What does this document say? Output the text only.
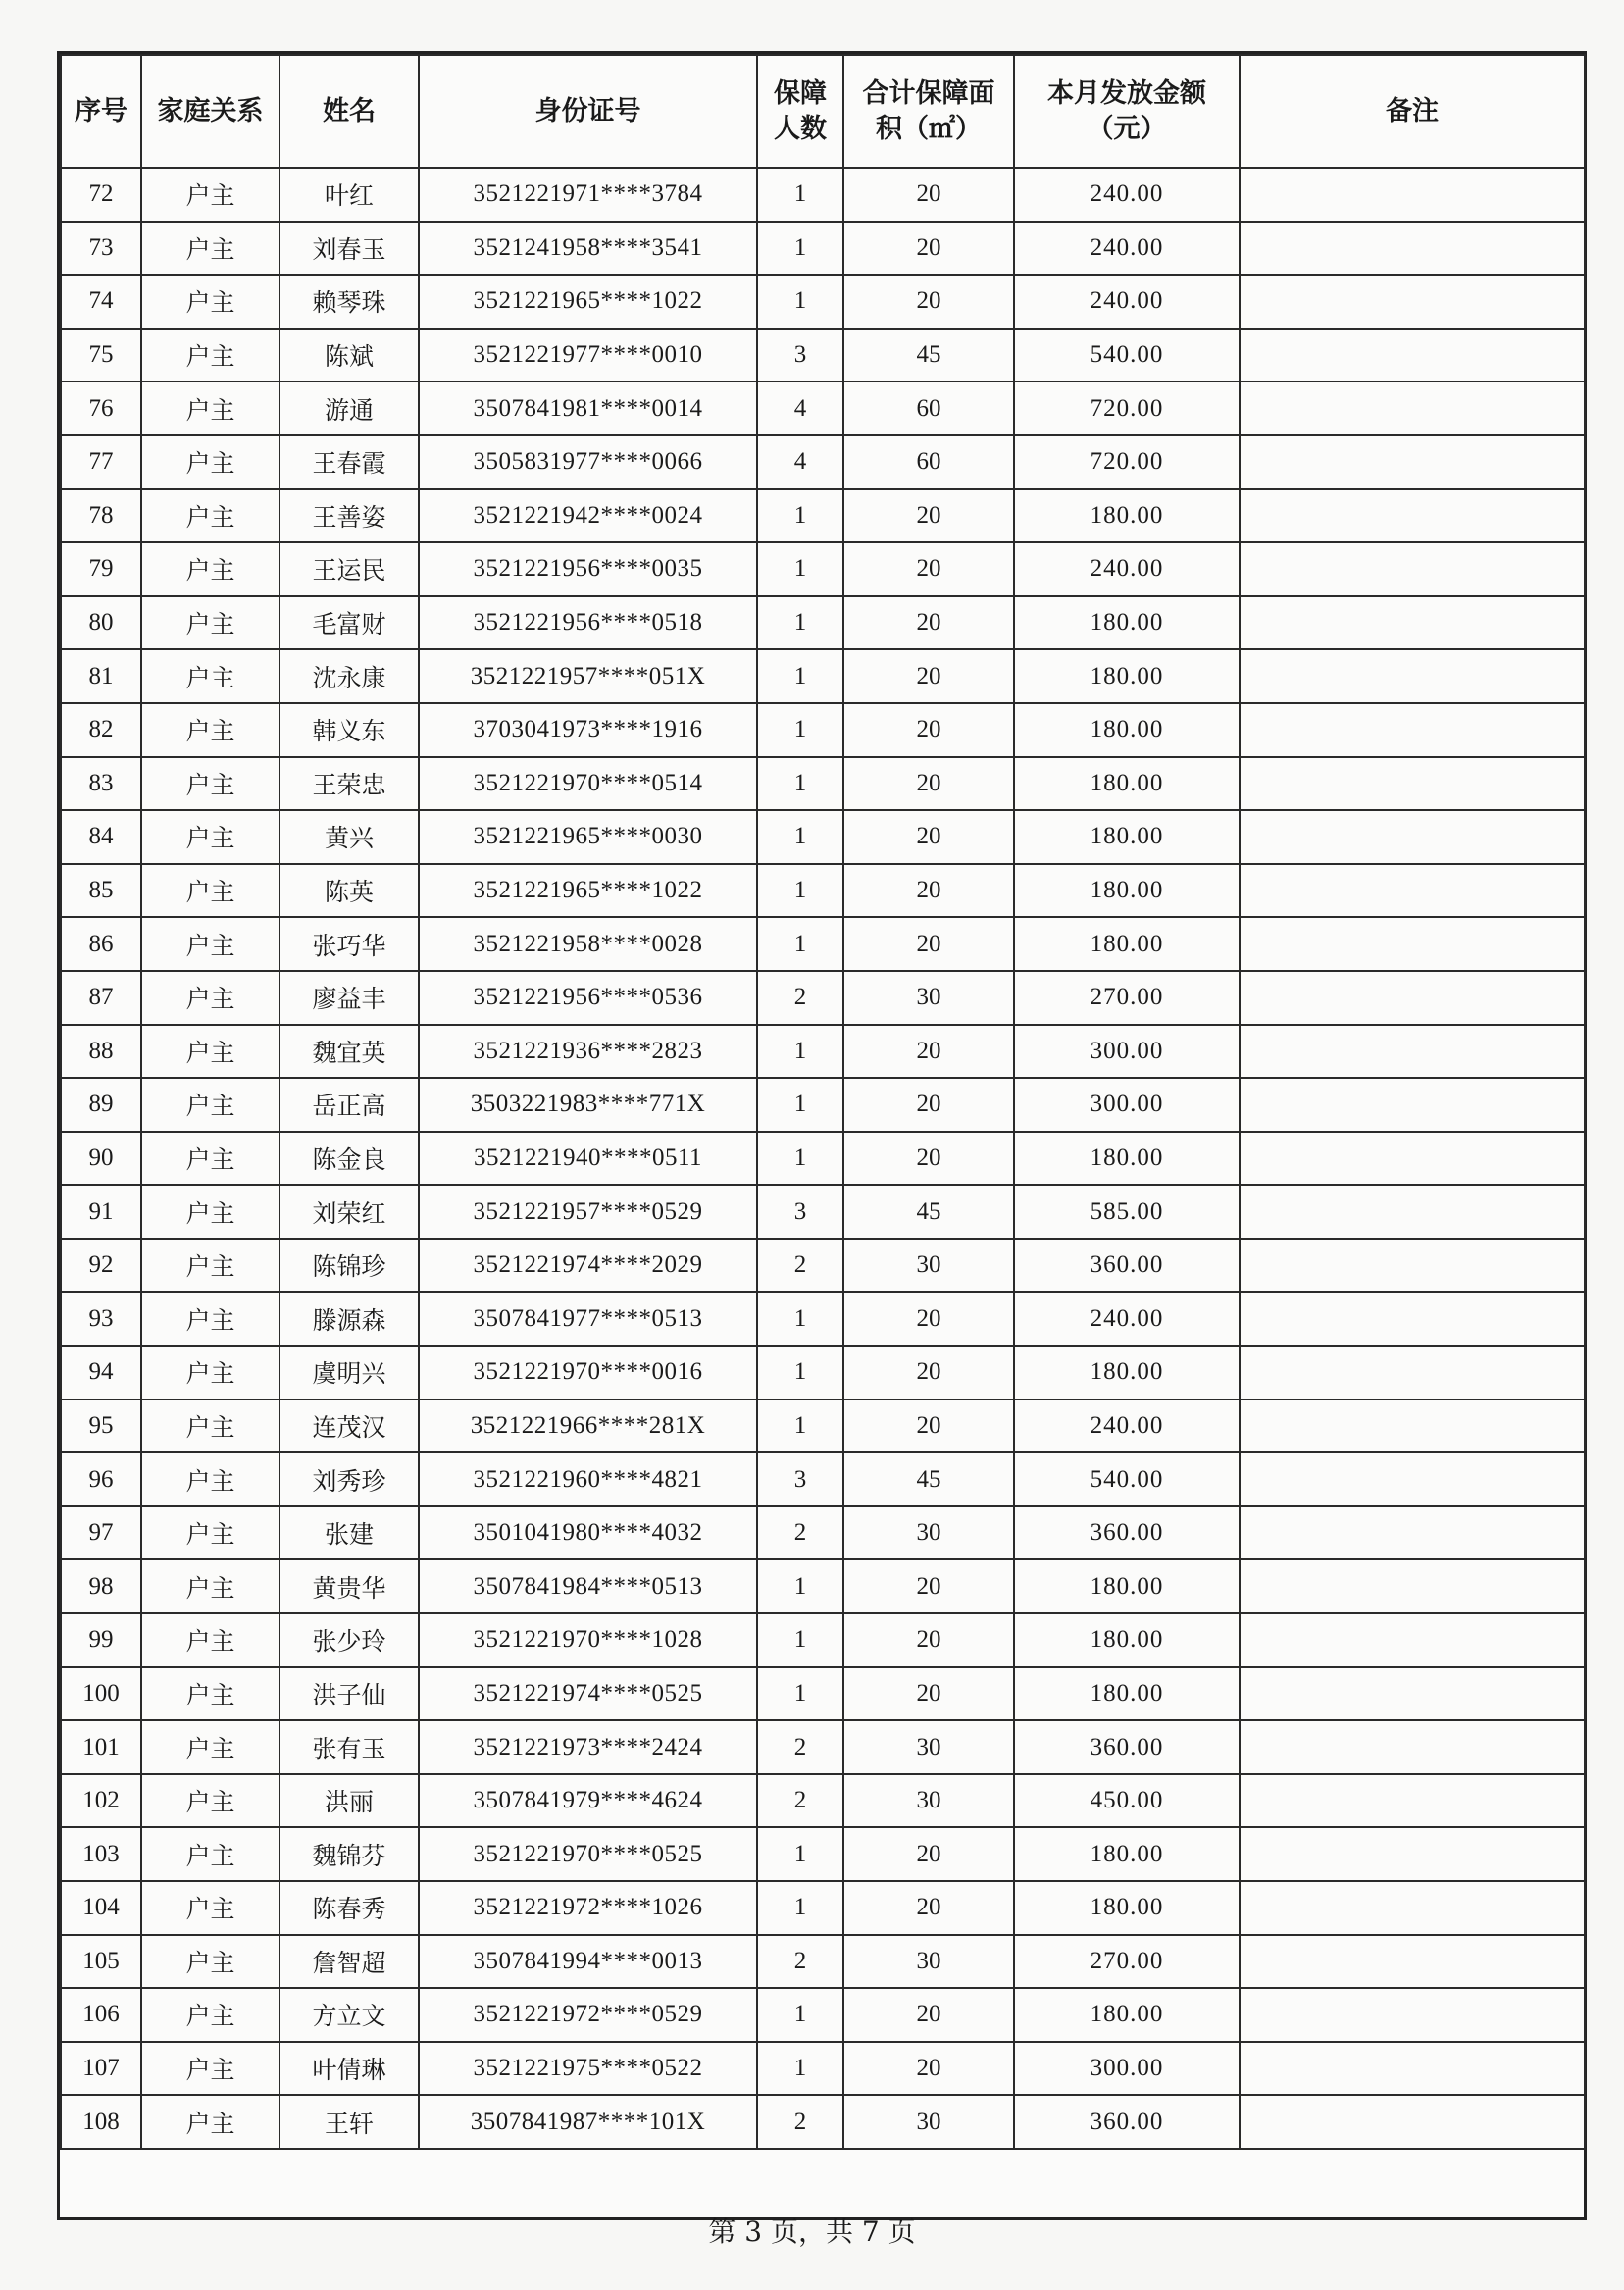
序号	家庭关系	姓名	身份证号	保障人数	合计保障面积（㎡）	本月发放金额（元）	备注
72	户主	叶红	3521221971****3784	1	20	240.00	
73	户主	刘春玉	3521241958****3541	1	20	240.00	
74	户主	赖琴珠	3521221965****1022	1	20	240.00	
75	户主	陈斌	3521221977****0010	3	45	540.00	
76	户主	游通	3507841981****0014	4	60	720.00	
77	户主	王春霞	3505831977****0066	4	60	720.00	
78	户主	王善姿	3521221942****0024	1	20	180.00	
79	户主	王运民	3521221956****0035	1	20	240.00	
80	户主	毛富财	3521221956****0518	1	20	180.00	
81	户主	沈永康	3521221957****051X	1	20	180.00	
82	户主	韩义东	3703041973****1916	1	20	180.00	
83	户主	王荣忠	3521221970****0514	1	20	180.00	
84	户主	黄兴	3521221965****0030	1	20	180.00	
85	户主	陈英	3521221965****1022	1	20	180.00	
86	户主	张巧华	3521221958****0028	1	20	180.00	
87	户主	廖益丰	3521221956****0536	2	30	270.00	
88	户主	魏宜英	3521221936****2823	1	20	300.00	
89	户主	岳正高	3503221983****771X	1	20	300.00	
90	户主	陈金良	3521221940****0511	1	20	180.00	
91	户主	刘荣红	3521221957****0529	3	45	585.00	
92	户主	陈锦珍	3521221974****2029	2	30	360.00	
93	户主	滕源森	3507841977****0513	1	20	240.00	
94	户主	虞明兴	3521221970****0016	1	20	180.00	
95	户主	连茂汉	3521221966****281X	1	20	240.00	
96	户主	刘秀珍	3521221960****4821	3	45	540.00	
97	户主	张建	3501041980****4032	2	30	360.00	
98	户主	黄贵华	3507841984****0513	1	20	180.00	
99	户主	张少玲	3521221970****1028	1	20	180.00	
100	户主	洪子仙	3521221974****0525	1	20	180.00	
101	户主	张有玉	3521221973****2424	2	30	360.00	
102	户主	洪丽	3507841979****4624	2	30	450.00	
103	户主	魏锦芬	3521221970****0525	1	20	180.00	
104	户主	陈春秀	3521221972****1026	1	20	180.00	
105	户主	詹智超	3507841994****0013	2	30	270.00	
106	户主	方立文	3521221972****0529	1	20	180.00	
107	户主	叶倩琳	3521221975****0522	1	20	300.00	
108	户主	王轩	3507841987****101X	2	30	360.00	
第 3 页，共 7 页
